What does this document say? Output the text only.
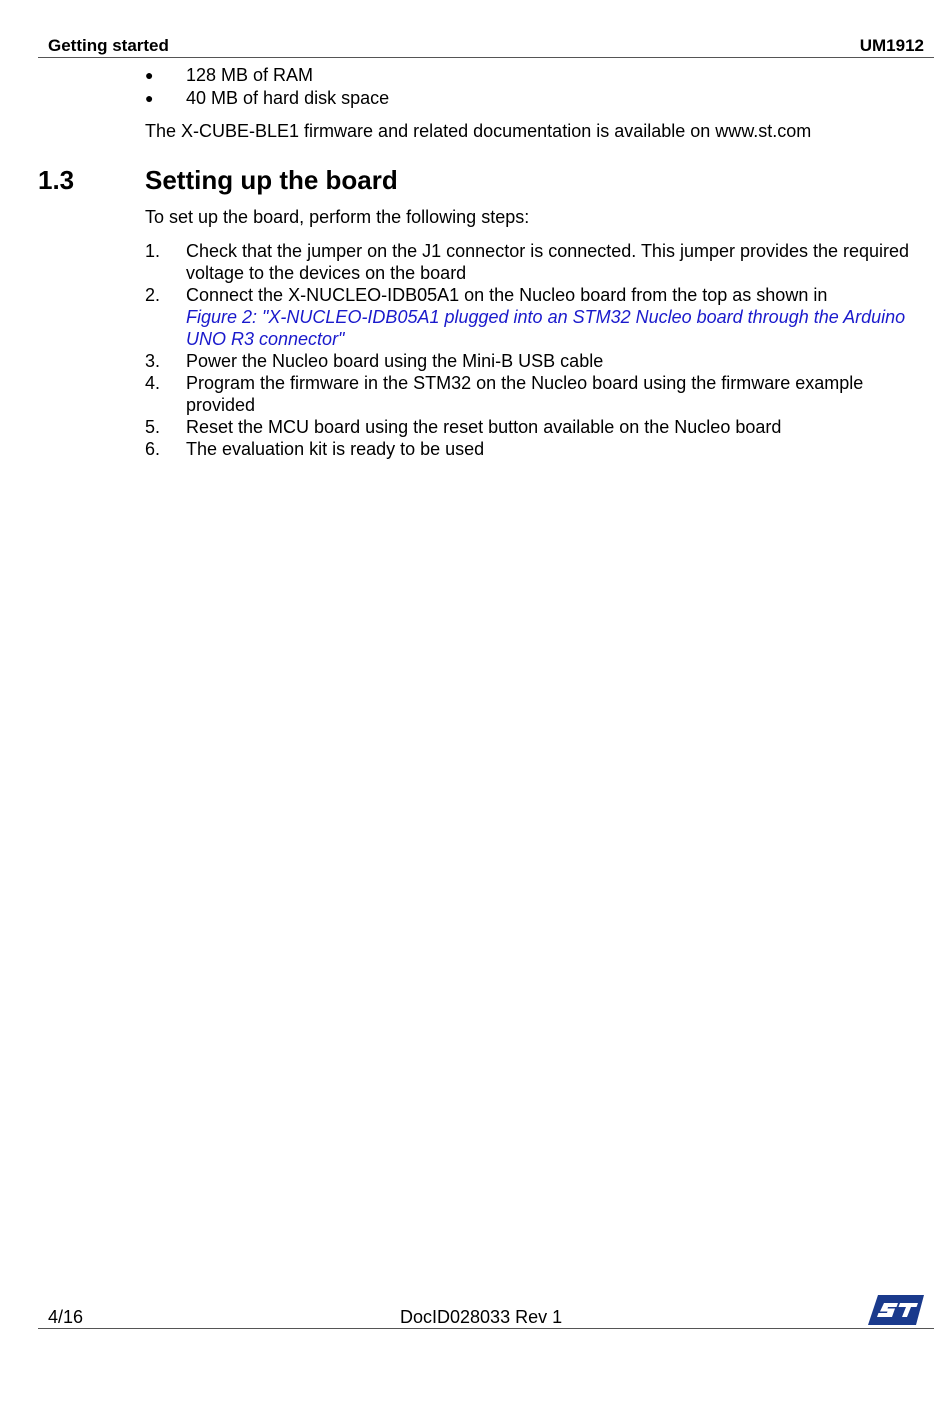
Getting started	UM1912
● 128 MB of RAM
● 40 MB of hard disk space

The X-CUBE-BLE1 firmware and related documentation is available on www.st.com

1.3	Setting up the board

To set up the board, perform the following steps:

1. Check that the jumper on the J1 connector is connected. This jumper provides the required voltage to the devices on the board
2. Connect the X-NUCLEO-IDB05A1 on the Nucleo board from the top as shown in
Figure 2: "X-NUCLEO-IDB05A1 plugged into an STM32 Nucleo board through the Arduino UNO R3 connector"
3. Power the Nucleo board using the Mini-B USB cable
4. Program the firmware in the STM32 on the Nucleo board using the firmware example provided
5. Reset the MCU board using the reset button available on the Nucleo board
6. The evaluation kit is ready to be used
4/16	DocID028033 Rev 1
